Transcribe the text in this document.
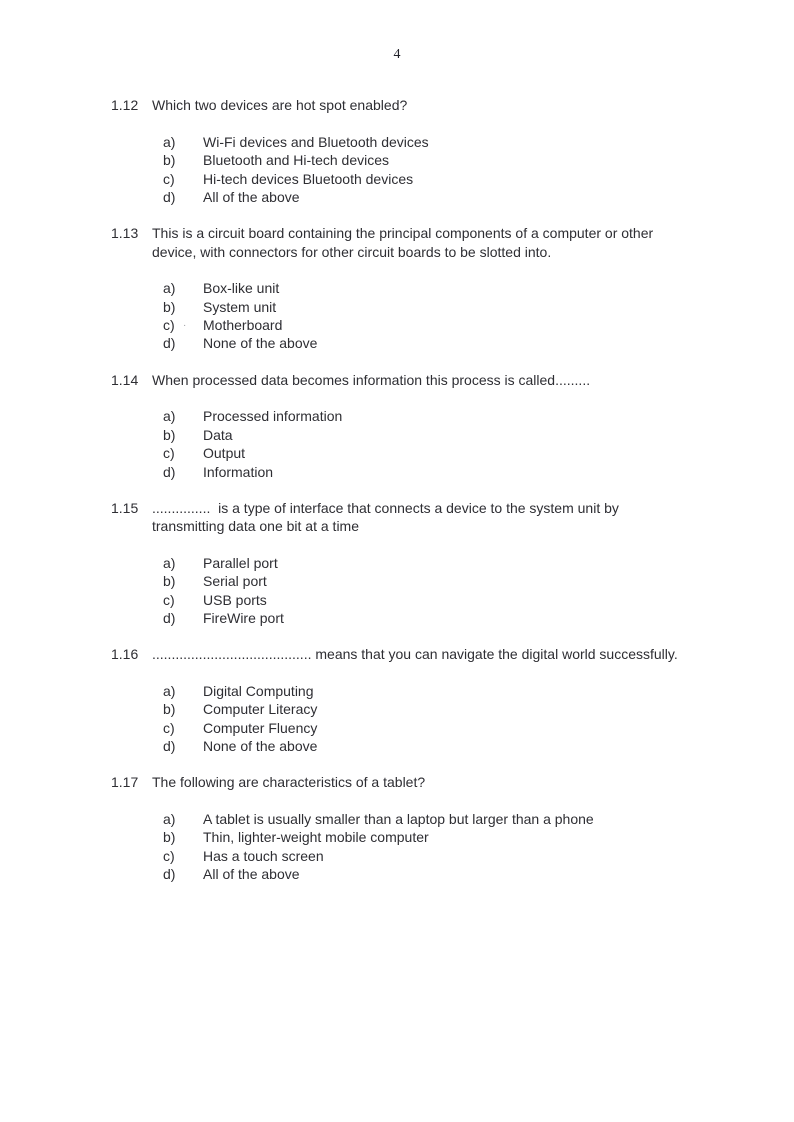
4
1.12 Which two devices are hot spot enabled?
a)	Wi-Fi devices and Bluetooth devices
b)	Bluetooth and Hi-tech devices
c)	Hi-tech devices Bluetooth devices
d)	All of the above
1.13 This is a circuit board containing the principal components of a computer or other
device, with connectors for other circuit boards to be slotted into.
a)	Box-like unit
b)	System unit
c) · Motherboard
d)	None of the above
1.14 When processed data becomes information this process is called.........
a)	Processed information
b)	Data
c)	Output
d)	Information
1.15 ...............  is a type of interface that connects a device to the system unit by
transmitting data one bit at a time
a)	Parallel port
b)	Serial port
c)	USB ports
d)	FireWire port
1.16 ......................................... means that you can navigate the digital world successfully.
a)	Digital Computing
b)	Computer Literacy
c)	Computer Fluency
d)	None of the above
1.17 The following are characteristics of a tablet?
a)	A tablet is usually smaller than a laptop but larger than a phone
b)	Thin, lighter-weight mobile computer
c)	Has a touch screen
d)	All of the above
